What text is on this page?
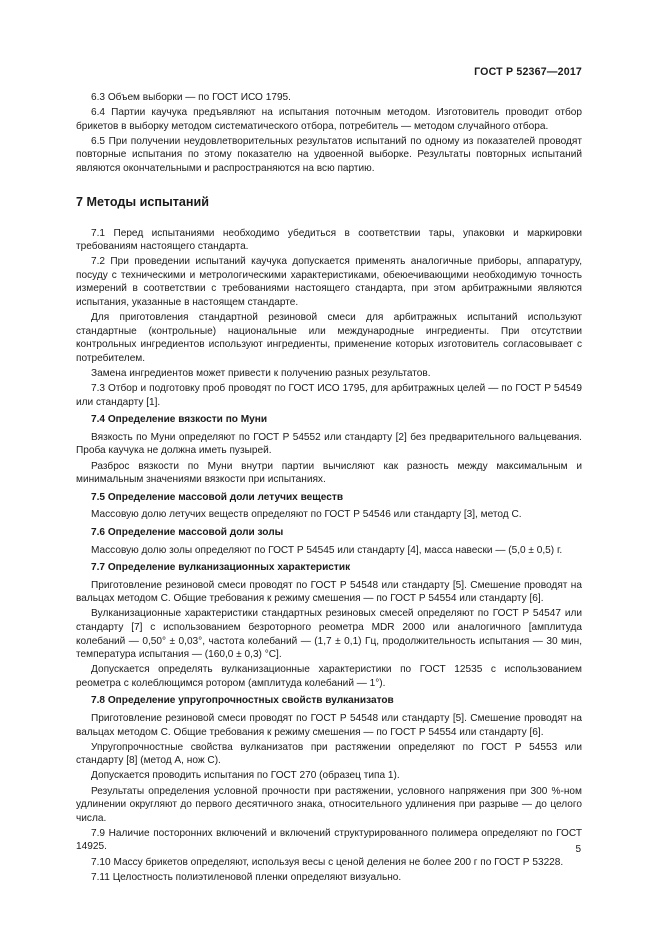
ГОСТ Р 52367—2017

6.3 Объем выборки — по ГОСТ ИСО 1795.

6.4 Партии каучука предъявляют на испытания поточным методом. Изготовитель проводит отбор брикетов в выборку методом систематического отбора, потребитель — методом случайного отбора.

6.5 При получении неудовлетворительных результатов испытаний по одному из показателей проводят повторные испытания по этому показателю на удвоенной выборке. Результаты повторных испытаний являются окончательными и распространяются на всю партию.

7 Методы испытаний

7.1 Перед испытаниями необходимо убедиться в соответствии тары, упаковки и маркировки требованиям настоящего стандарта.

7.2 При проведении испытаний каучука допускается применять аналогичные приборы, аппаратуру, посуду с техническими и метрологическими характеристиками, обеюечивающими необходимую точность измерений в соответствии с требованиями настоящего стандарта, при этом арбитражными являются испытания, указанные в настоящем стандарте.

Для приготовления стандартной резиновой смеси для арбитражных испытаний используют стандартные (контрольные) национальные или международные ингредиенты. При отсутствии контрольных ингредиентов используют ингредиенты, применение которых изготовитель согласовывает с потребителем.

Замена ингредиентов может привести к получению разных результатов.

7.3 Отбор и подготовку проб проводят по ГОСТ ИСО 1795, для арбитражных целей — по ГОСТ Р 54549 или стандарту [1].

7.4 Определение вязкости по Муни

Вязкость по Муни определяют по ГОСТ Р 54552 или стандарту [2] без предварительного вальцевания. Проба каучука не должна иметь пузырей.

Разброс вязкости по Муни внутри партии вычисляют как разность между максимальным и минимальным значениями вязкости при испытаниях.

7.5 Определение массовой доли летучих веществ

Массовую долю летучих веществ определяют по ГОСТ Р 54546 или стандарту [3], метод С.

7.6 Определение массовой доли золы

Массовую долю золы определяют по ГОСТ Р 54545 или стандарту [4], масса навески — (5,0 ± 0,5) г.

7.7 Определение вулканизационных характеристик

Приготовление резиновой смеси проводят по ГОСТ Р 54548 или стандарту [5]. Смешение проводят на вальцах методом С. Общие требования к режиму смешения — по ГОСТ Р 54554 или стандарту [6].

Вулканизационные характеристики стандартных резиновых смесей определяют по ГОСТ Р 54547 или стандарту [7] с использованием безроторного реометра MDR 2000 или аналогичного [амплитуда колебаний — 0,50° ± 0,03°, частота колебаний — (1,7 ± 0,1) Гц, продолжительность испытания — 30 мин, температура испытания — (160,0 ± 0,3) °С].

Допускается определять вулканизационные характеристики по ГОСТ 12535 с использованием реометра с колеблющимся ротором (амплитуда колебаний — 1°).

7.8 Определение упругопрочностных свойств вулканизатов

Приготовление резиновой смеси проводят по ГОСТ Р 54548 или стандарту [5]. Смешение проводят на вальцах методом С. Общие требования к режиму смешения — по ГОСТ Р 54554 или стандарту [6].

Упругопрочностные свойства вулканизатов при растяжении определяют по ГОСТ Р 54553 или стандарту [8] (метод А, нож С).

Допускается проводить испытания по ГОСТ 270 (образец типа 1).

Результаты определения условной прочности при растяжении, условного напряжения при 300 %-ном удлинении округляют до первого десятичного знака, относительного удлинения при разрыве — до целого числа.

7.9 Наличие посторонних включений и включений структурированного полимера определяют по ГОСТ 14925.

7.10 Массу брикетов определяют, используя весы с ценой деления не более 200 г по ГОСТ Р 53228.

7.11 Целостность полиэтиленовой пленки определяют визуально.

5
